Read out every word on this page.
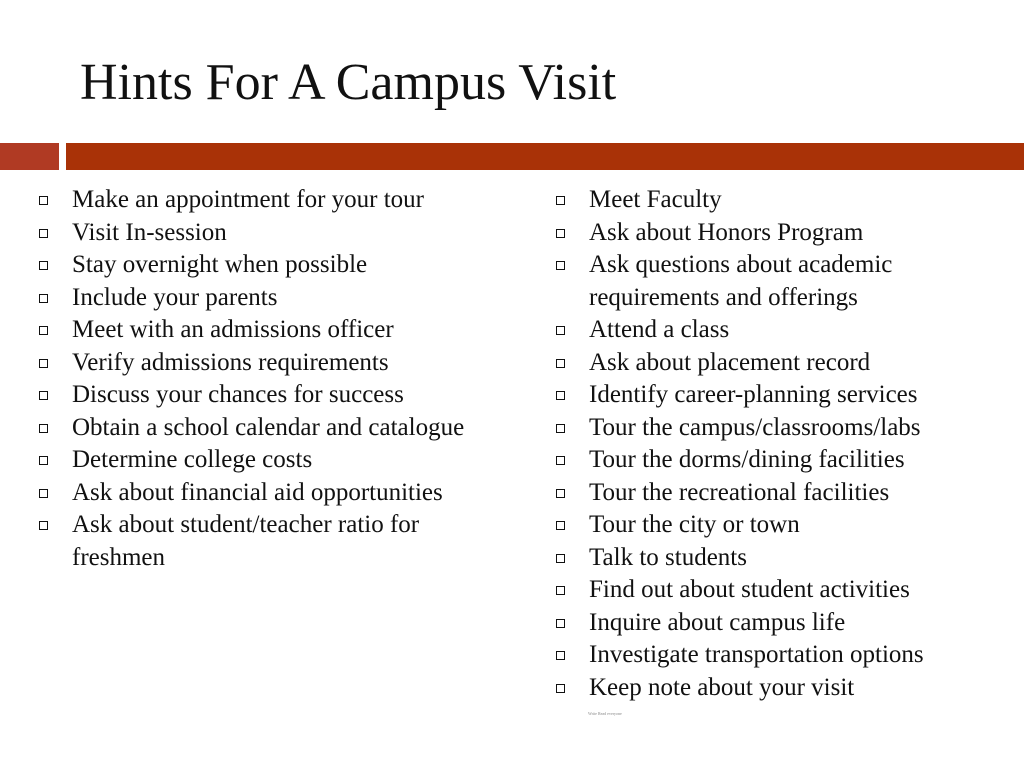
Hints For A Campus Visit
Make an appointment for your tour
Visit In-session
Stay overnight when possible
Include your parents
Meet with an admissions officer
Verify admissions requirements
Discuss your chances for success
Obtain a school calendar and catalogue
Determine college costs
Ask about financial aid opportunities
Ask about student/teacher ratio for freshmen
Meet Faculty
Ask about Honors Program
Ask questions about academic requirements and offerings
Attend a class
Ask about placement record
Identify career-planning services
Tour the campus/classrooms/labs
Tour the dorms/dining facilities
Tour the recreational facilities
Tour the city or town
Talk to students
Find out about student activities
Inquire about campus life
Investigate transportation options
Keep note about your visit
Write Read everyone
